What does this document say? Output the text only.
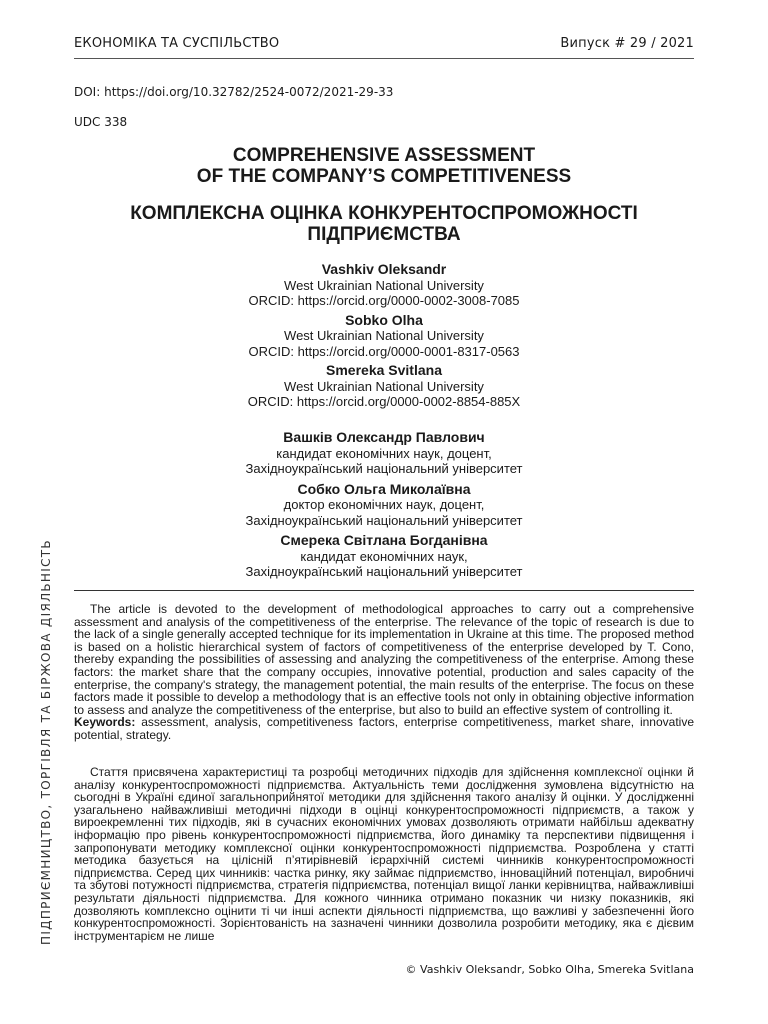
ЕКОНОМІКА ТА СУСПІЛЬСТВО	Випуск # 29 / 2021
DOI: https://doi.org/10.32782/2524-0072/2021-29-33
UDC 338
COMPREHENSIVE ASSESSMENT
OF THE COMPANY’S COMPETITIVENESS
КОМПЛЕКСНА ОЦІНКА КОНКУРЕНТОСПРОМОЖНОСТІ
ПІДПРИЄМСТВА
Vashkiv Oleksandr
West Ukrainian National University
ORCID: https://orcid.org/0000-0002-3008-7085
Sobko Olha
West Ukrainian National University
ORCID: https://orcid.org/0000-0001-8317-0563
Smereka Svitlana
West Ukrainian National University
ORCID: https://orcid.org/0000-0002-8854-885X
Вашків Олександр Павлович
кандидат економічних наук, доцент,
Західноукраїнський національний університет
Собко Ольга Миколаївна
доктор економічних наук, доцент,
Західноукраїнський національний університет
Смерека Світлана Богданівна
кандидат економічних наук,
Західноукраїнський національний університет

The article is devoted to the development of methodological approaches to carry out a comprehensive assessment and analysis of the competitiveness of the enterprise. The relevance of the topic of research is due to the lack of a single generally accepted technique for its implementation in Ukraine at this time. The proposed method is based on a holistic hierarchical system of factors of competitiveness of the enterprise developed by T. Cono, thereby expanding the possibilities of assessing and analyzing the competitiveness of the enterprise. Among these factors: the market share that the company occupies, innovative potential, production and sales capacity of the enterprise, the company's strategy, the management potential, the main results of the enterprise. The focus on these factors made it possible to develop a methodology that is an effective tools not only in obtaining objective information to assess and analyze the competitiveness of the enterprise, but also to build an effective system of controlling it.

Keywords: assessment, analysis, competitiveness factors, enterprise competitiveness, market share, innovative potential, strategy.

Стаття присвячена характеристиці та розробці методичних підходів для здійснення комплексної оцінки й аналізу конкурентоспроможності підприємства. Актуальність теми дослідження зумовлена відсутністю на сьогодні в Україні єдиної загальноприйнятої методики для здійснення такого аналізу й оцінки. У дослідженні узагальнено найважливіші методичні підходи в оцінці конкурентоспроможності підприємств, а також у вироекремленні тих підходів, які в сучасних економічних умовах дозволяють отримати найбільш адекватну інформацію про рівень конкурентоспроможності підприємства, його динаміку та перспективи підвищення і запропонувати методику комплексної оцінки конкурентоспроможності підприємства. Розроблена у статті методика базується на цілісній п’ятирівневій ієрархічній системі чинників конкурентоспроможності підприємства. Серед цих чинників: частка ринку, яку займає підприємство, інноваційний потенціал, виробничі та збутові потужності підприємства, стратегія підприємства, потенціал вищої ланки керівництва, найважливіші результати діяльності підприємства. Для кожного чинника отримано показник чи низку показників, які дозволяють комплексно оцінити ті чи інші аспекти діяльності підприємства, що важливі у забезпеченні його конкурентоспроможності. Зорієнтованість на зазначені чинники дозволила розробити методику, яка є дієвим інструментарієм не лише

ПІДПРИЄМНИЦТВО, ТОРГІВЛЯ ТА БІРЖОВА ДІЯЛЬНІСТЬ
© Vashkiv Oleksandr, Sobko Olha, Smereka Svitlana
